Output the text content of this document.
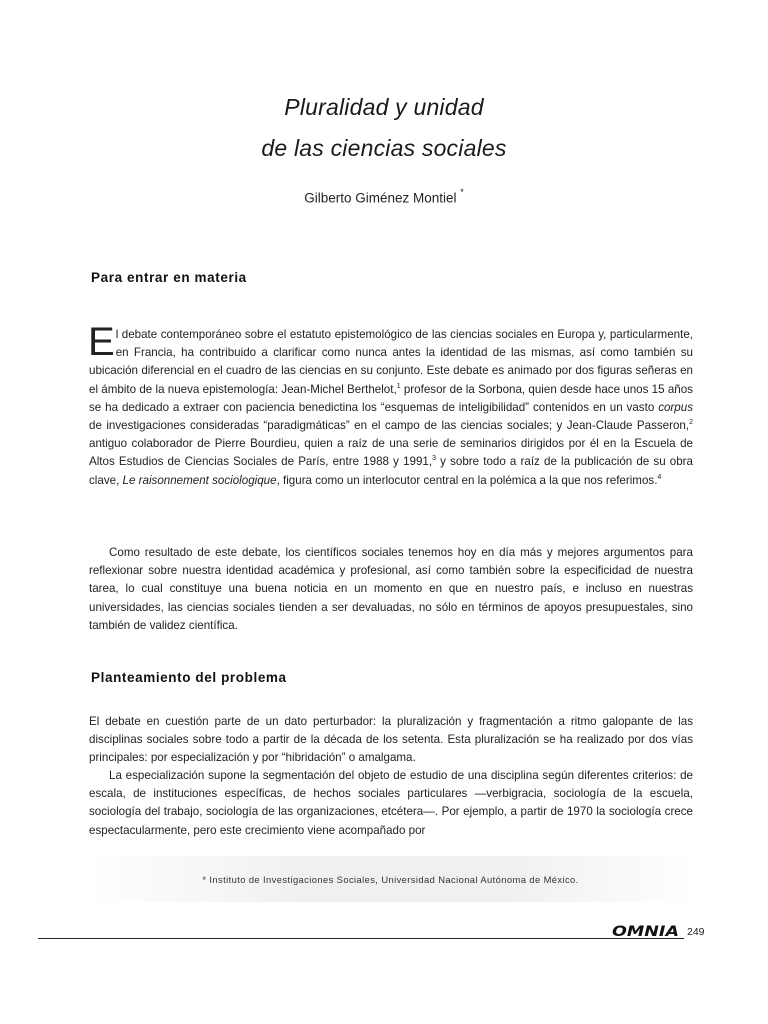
Pluralidad y unidad
de las ciencias sociales
Gilberto Giménez Montiel *
Para entrar en materia

El debate contemporáneo sobre el estatuto epistemológico de las ciencias sociales en Europa y, particularmente, en Francia, ha contribuido a clarificar como nunca antes la identidad de las mismas, así como también su ubicación diferencial en el cuadro de las ciencias en su conjunto. Este debate es animado por dos figuras señeras en el ámbito de la nueva epistemología: Jean-Michel Berthelot,$^1$ profesor de la Sorbona, quien desde hace unos 15 años se ha dedicado a extraer con paciencia benedictina los “esquemas de inteligibilidad” contenidos en un vasto corpus de investigaciones consideradas “paradigmáticas” en el campo de las ciencias sociales; y Jean-Claude Passeron,$^2$ antiguo colaborador de Pierre Bourdieu, quien a raíz de una serie de seminarios dirigidos por él en la Escuela de Altos Estudios de Ciencias Sociales de París, entre 1988 y 1991,$^3$ y sobre todo a raíz de la publicación de su obra clave, Le raisonnement sociologique, figura como un interlocutor central en la polémica a la que nos referimos.$^4$

Como resultado de este debate, los científicos sociales tenemos hoy en día más y mejores argumentos para reflexionar sobre nuestra identidad académica y profesional, así como también sobre la especificidad de nuestra tarea, lo cual constituye una buena noticia en un momento en que en nuestro país, e incluso en nuestras universidades, las ciencias sociales tienden a ser devaluadas, no sólo en términos de apoyos presupuestales, sino también de validez científica.

Planteamiento del problema

El debate en cuestión parte de un dato perturbador: la pluralización y fragmentación a ritmo galopante de las disciplinas sociales sobre todo a partir de la década de los setenta. Esta pluralización se ha realizado por dos vías principales: por especialización y por “hibridación” o amalgama.

La especialización supone la segmentación del objeto de estudio de una disciplina según diferentes criterios: de escala, de instituciones específicas, de hechos sociales particulares —verbigracia, sociología de la escuela, sociología del trabajo, sociología de las organizaciones, etcétera—. Por ejemplo, a partir de 1970 la sociología crece espectacularmente, pero este crecimiento viene acompañado por

* Instituto de Investigaciones Sociales, Universidad Nacional Autónoma de México.
OMNIA 249
